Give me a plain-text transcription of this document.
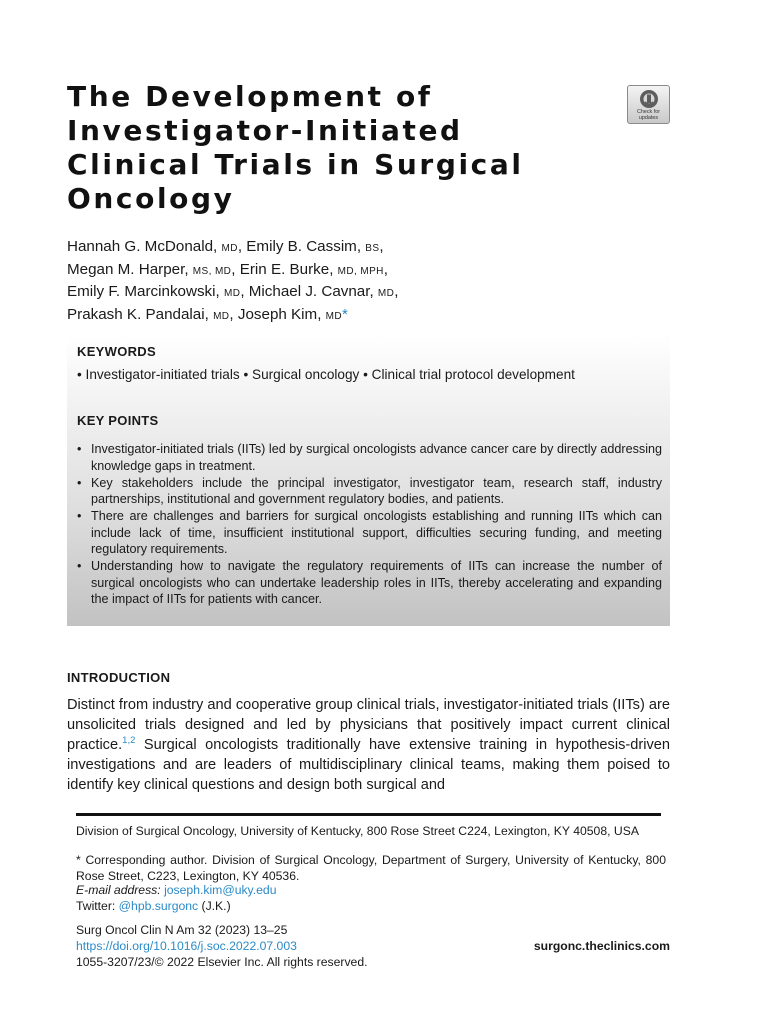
The Development of
Investigator-Initiated
Clinical Trials in Surgical
Oncology
Check for updates
Hannah G. McDonald, MD, Emily B. Cassim, BS,
Megan M. Harper, MS, MD, Erin E. Burke, MD, MPH,
Emily F. Marcinkowski, MD, Michael J. Cavnar, MD,
Prakash K. Pandalai, MD, Joseph Kim, MD*
KEYWORDS
• Investigator-initiated trials • Surgical oncology • Clinical trial protocol development
KEY POINTS
• Investigator-initiated trials (IITs) led by surgical oncologists advance cancer care by directly addressing knowledge gaps in treatment.
• Key stakeholders include the principal investigator, investigator team, research staff, industry partnerships, institutional and government regulatory bodies, and patients.
• There are challenges and barriers for surgical oncologists establishing and running IITs which can include lack of time, insufficient institutional support, difficulties securing funding, and meeting regulatory requirements.
• Understanding how to navigate the regulatory requirements of IITs can increase the number of surgical oncologists who can undertake leadership roles in IITs, thereby accelerating and expanding the impact of IITs for patients with cancer.
INTRODUCTION
Distinct from industry and cooperative group clinical trials, investigator-initiated trials (IITs) are unsolicited trials designed and led by physicians that positively impact current clinical practice.$^{1,2}$ Surgical oncologists traditionally have extensive training in hypothesis-driven investigations and are leaders of multidisciplinary clinical teams, making them poised to identify key clinical questions and design both surgical and
Division of Surgical Oncology, University of Kentucky, 800 Rose Street C224, Lexington, KY 40508, USA
* Corresponding author. Division of Surgical Oncology, Department of Surgery, University of Kentucky, 800 Rose Street, C223, Lexington, KY 40536.
E-mail address: joseph.kim@uky.edu
Twitter: @hpb.surgonc (J.K.)
Surg Oncol Clin N Am 32 (2023) 13–25
https://doi.org/10.1016/j.soc.2022.07.003
1055-3207/23/© 2022 Elsevier Inc. All rights reserved.
surgonc.theclinics.com
